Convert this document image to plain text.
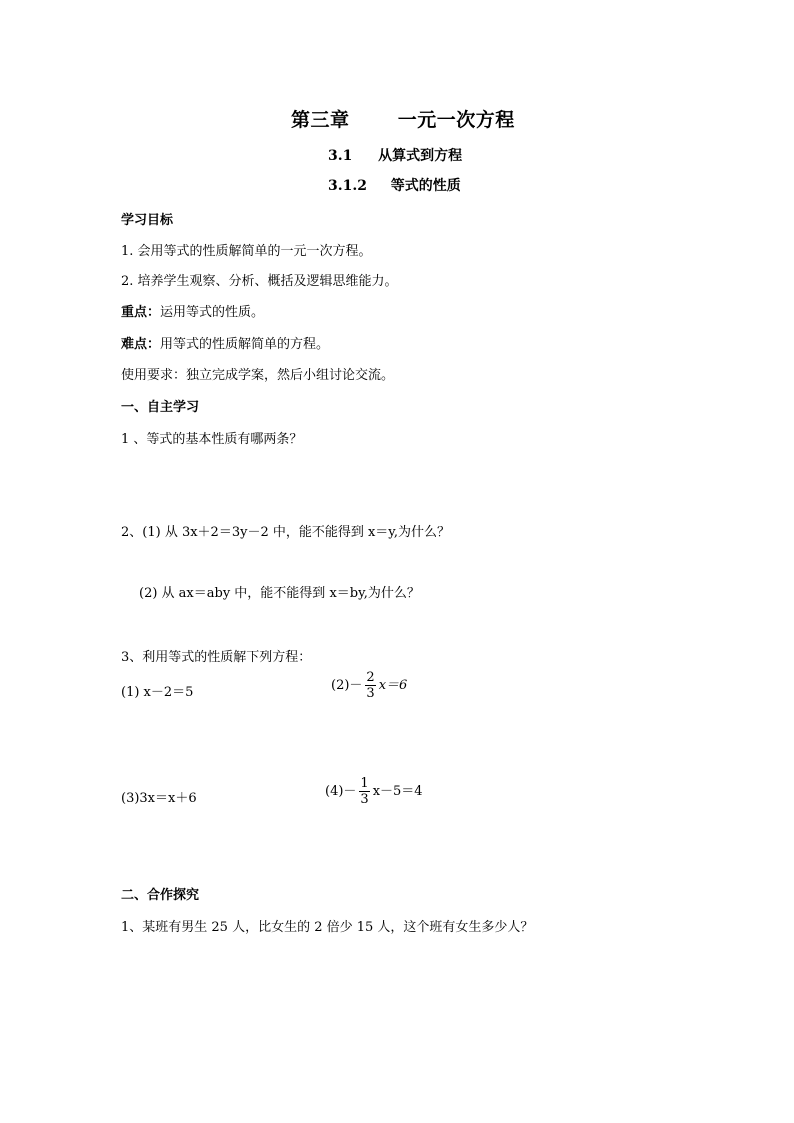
第三章	一元一次方程
3.1 从算式到方程
3.1.2 等式的性质
学习目标
1. 会用等式的性质解简单的一元一次方程。
2. 培养学生观察、分析、概括及逻辑思维能力。
重点：运用等式的性质。
难点：用等式的性质解简单的方程。
使用要求：独立完成学案，然后小组讨论交流。
一、自主学习
1 、等式的基本性质有哪两条？
2、(1) 从 3x＋2＝3y－2 中，能不能得到 x＝y,为什么？
(2) 从 ax＝aby 中，能不能得到 x＝by,为什么？
3、利用等式的性质解下列方程：
(1) x－2＝5	$(2)- \frac{2}{3} x=6$
(3)3x＝x＋6	$(4)- \frac{1}{3} x-5=4$
二、合作探究
1、某班有男生 25 人，比女生的 2 倍少 15 人，这个班有女生多少人？
